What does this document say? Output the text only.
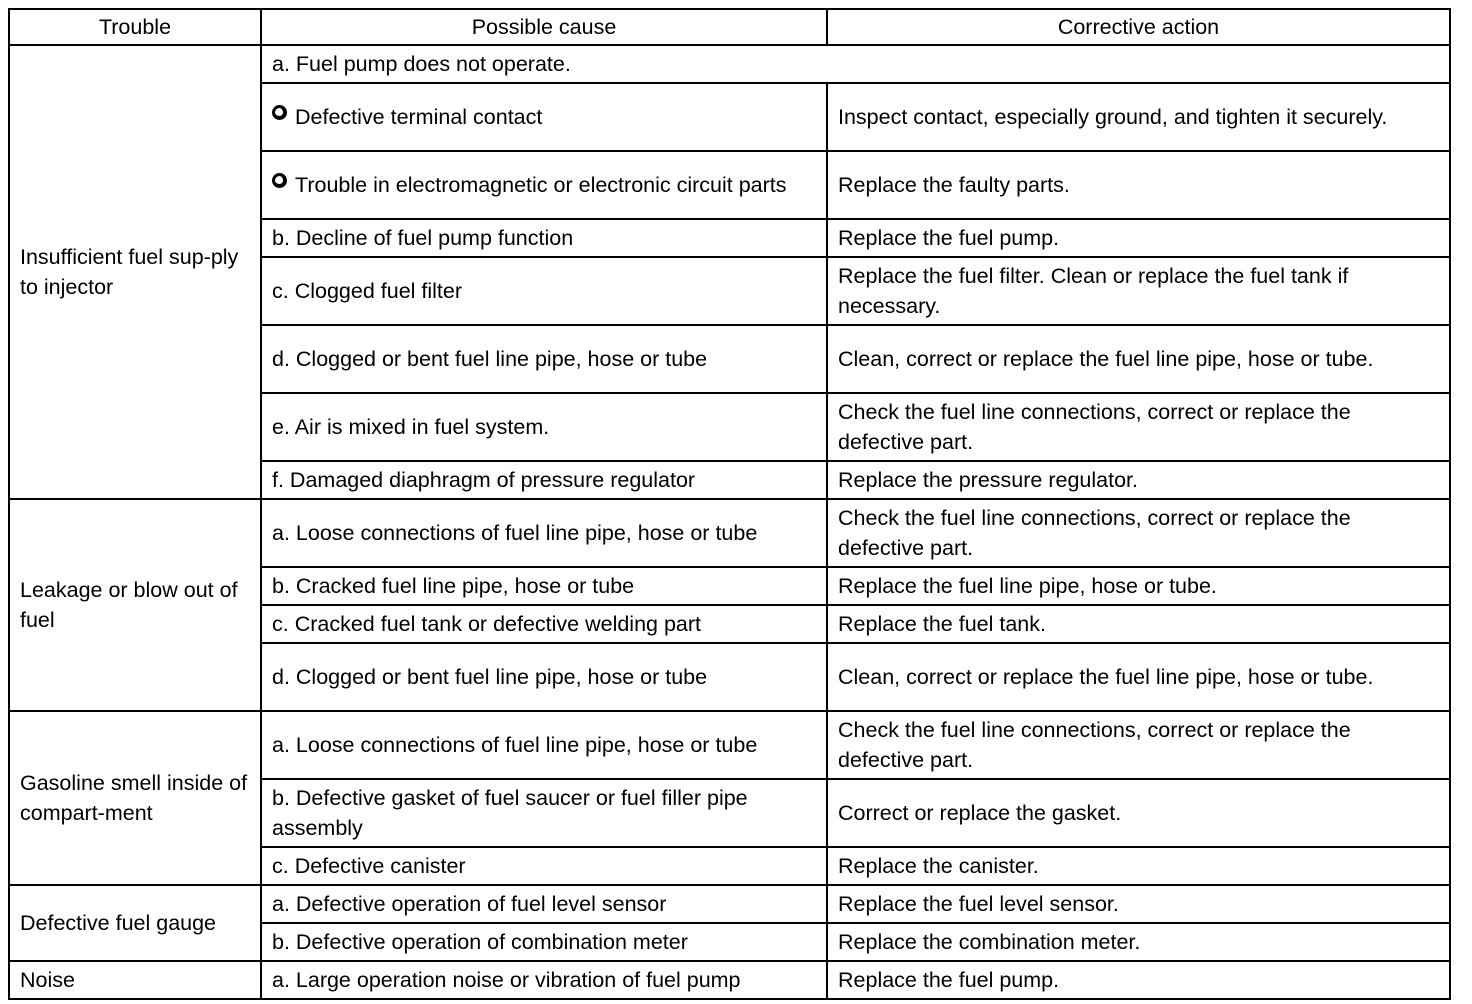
Trouble	Possible cause	Corrective action

Insufficient fuel sup-ply to injector	a. Fuel pump does not operate.	
	Defective terminal contact	Inspect contact, especially ground, and tighten it securely.
	Trouble in electromagnetic or electronic circuit parts	Replace the faulty parts.
	b. Decline of fuel pump function	Replace the fuel pump.
	c. Clogged fuel filter	Replace the fuel filter. Clean or replace the fuel tank if necessary.
	d. Clogged or bent fuel line pipe, hose or tube	Clean, correct or replace the fuel line pipe, hose or tube.
	e. Air is mixed in fuel system.	Check the fuel line connections, correct or replace the defective part.
	f. Damaged diaphragm of pressure regulator	Replace the pressure regulator.
Leakage or blow out of fuel	a. Loose connections of fuel line pipe, hose or tube	Check the fuel line connections, correct or replace the defective part.
	b. Cracked fuel line pipe, hose or tube	Replace the fuel line pipe, hose or tube.
	c. Cracked fuel tank or defective welding part	Replace the fuel tank.
	d. Clogged or bent fuel line pipe, hose or tube	Clean, correct or replace the fuel line pipe, hose or tube.
Gasoline smell inside of compart-ment	a. Loose connections of fuel line pipe, hose or tube	Check the fuel line connections, correct or replace the defective part.
	b. Defective gasket of fuel saucer or fuel filler pipe assembly	Correct or replace the gasket.
	c. Defective canister	Replace the canister.
Defective fuel gauge	a. Defective operation of fuel level sensor	Replace the fuel level sensor.
	b. Defective operation of combination meter	Replace the combination meter.
Noise	a. Large operation noise or vibration of fuel pump	Replace the fuel pump.
